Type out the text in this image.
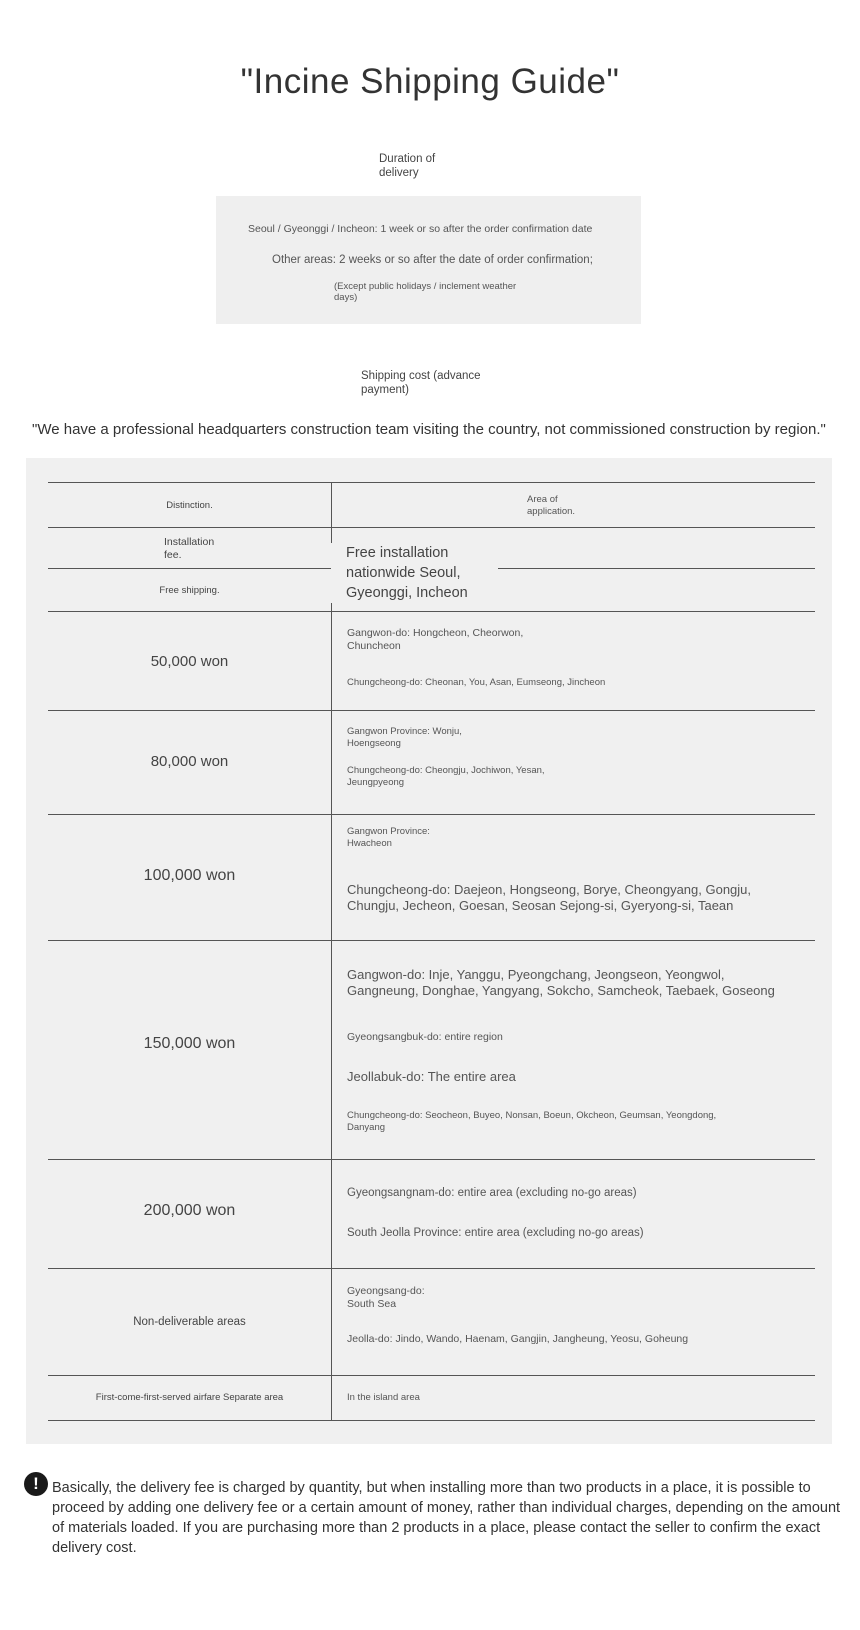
"Incine Shipping Guide"
Duration of delivery
Seoul / Gyeonggi / Incheon: 1 week or so after the order confirmation date
Other areas: 2 weeks or so after the date of order confirmation;
(Except public holidays / inclement weather days)
Shipping cost (advance payment)
"We have a professional headquarters construction team visiting the country, not commissioned construction by region."
Distinction.
Area of application.
Installation fee.
Free shipping.
Free installation nationwide Seoul, Gyeonggi, Incheon
50,000 won
Gangwon-do: Hongcheon, Cheorwon, Chuncheon
Chungcheong-do: Cheonan, You, Asan, Eumseong, Jincheon
80,000 won
Gangwon Province: Wonju, Hoengseong
Chungcheong-do: Cheongju, Jochiwon, Yesan, Jeungpyeong
100,000 won
Gangwon Province: Hwacheon
Chungcheong-do: Daejeon, Hongseong, Borye, Cheongyang, Gongju, Chungju, Jecheon, Goesan, Seosan Sejong-si, Gyeryong-si, Taean
150,000 won
Gangwon-do: Inje, Yanggu, Pyeongchang, Jeongseon, Yeongwol, Gangneung, Donghae, Yangyang, Sokcho, Samcheok, Taebaek, Goseong
Gyeongsangbuk-do: entire region
Jeollabuk-do: The entire area
Chungcheong-do: Seocheon, Buyeo, Nonsan, Boeun, Okcheon, Geumsan, Yeongdong, Danyang
200,000 won
Gyeongsangnam-do: entire area (excluding no-go areas)
South Jeolla Province: entire area (excluding no-go areas)
Non-deliverable areas
Gyeongsang-do: South Sea
Jeolla-do: Jindo, Wando, Haenam, Gangjin, Jangheung, Yeosu, Goheung
First-come-first-served airfare Separate area	In the island area
! Basically, the delivery fee is charged by quantity, but when installing more than two products in a place, it is possible to proceed by adding one delivery fee or a certain amount of money, rather than individual charges, depending on the amount of materials loaded. If you are purchasing more than 2 products in a place, please contact the seller to confirm the exact delivery cost.
